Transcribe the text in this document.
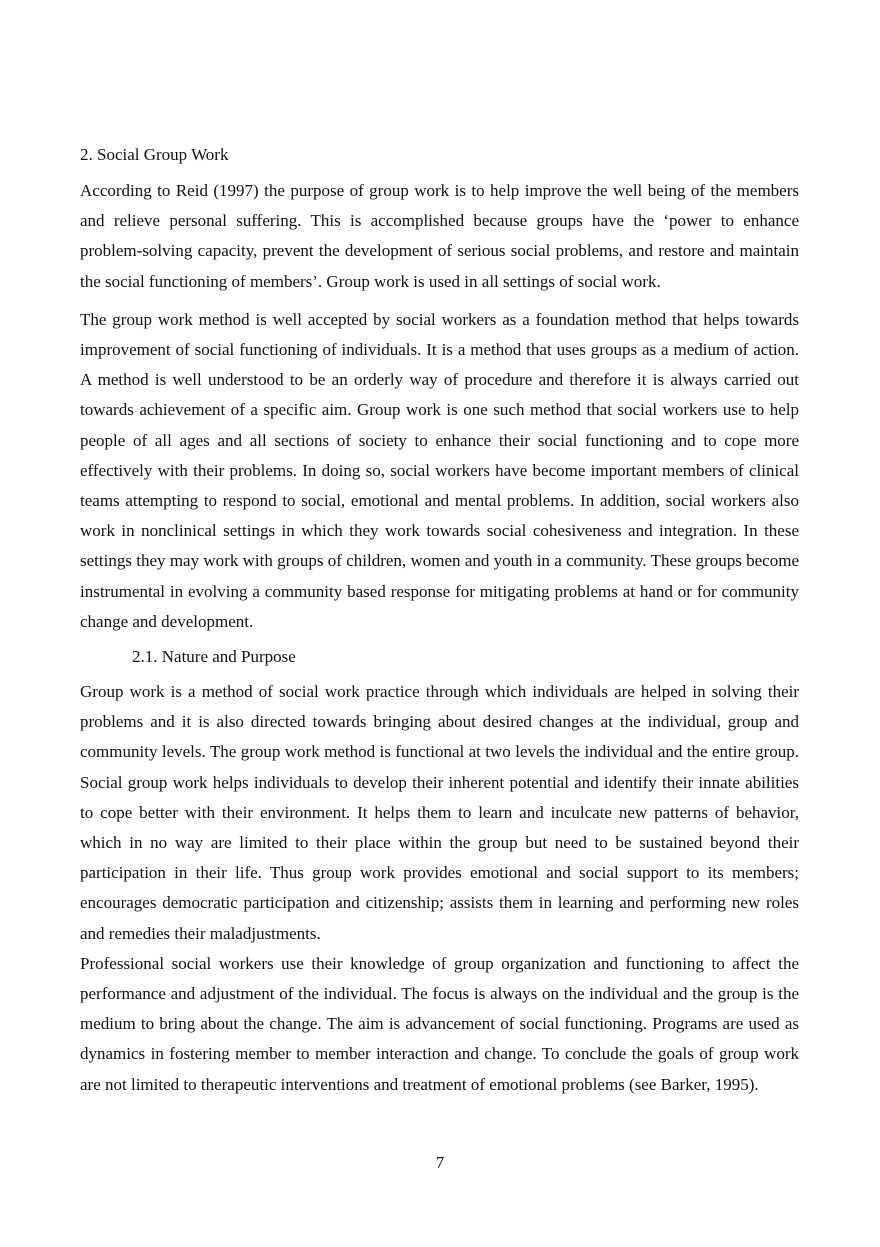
2. Social Group Work

According to Reid (1997) the purpose of group work is to help improve the well being of the members and relieve personal suffering. This is accomplished because groups have the ‘power to enhance problem-solving capacity, prevent the development of serious social problems, and restore and maintain the social functioning of members’. Group work is used in all settings of social work.

The group work method is well accepted by social workers as a foundation method that helps towards improvement of social functioning of individuals. It is a method that uses groups as a medium of action. A method is well understood to be an orderly way of procedure and therefore it is always carried out towards achievement of a specific aim. Group work is one such method that social workers use to help people of all ages and all sections of society to enhance their social functioning and to cope more effectively with their problems. In doing so, social workers have become important members of clinical teams attempting to respond to social, emotional and mental problems. In addition, social workers also work in nonclinical settings in which they work towards social cohesiveness and integration. In these settings they may work with groups of children, women and youth in a community. These groups become instrumental in evolving a community based response for mitigating problems at hand or for community change and development.

2.1. Nature and Purpose

Group work is a method of social work practice through which individuals are helped in solving their problems and it is also directed towards bringing about desired changes at the individual, group and community levels. The group work method is functional at two levels the individual and the entire group. Social group work helps individuals to develop their inherent potential and identify their innate abilities to cope better with their environment. It helps them to learn and inculcate new patterns of behavior, which in no way are limited to their place within the group but need to be sustained beyond their participation in their life. Thus group work provides emotional and social support to its members; encourages democratic participation and citizenship; assists them in learning and performing new roles and remedies their maladjustments.

Professional social workers use their knowledge of group organization and functioning to affect the performance and adjustment of the individual. The focus is always on the individual and the group is the medium to bring about the change. The aim is advancement of social functioning. Programs are used as dynamics in fostering member to member interaction and change. To conclude the goals of group work are not limited to therapeutic interventions and treatment of emotional problems (see Barker, 1995).

7
